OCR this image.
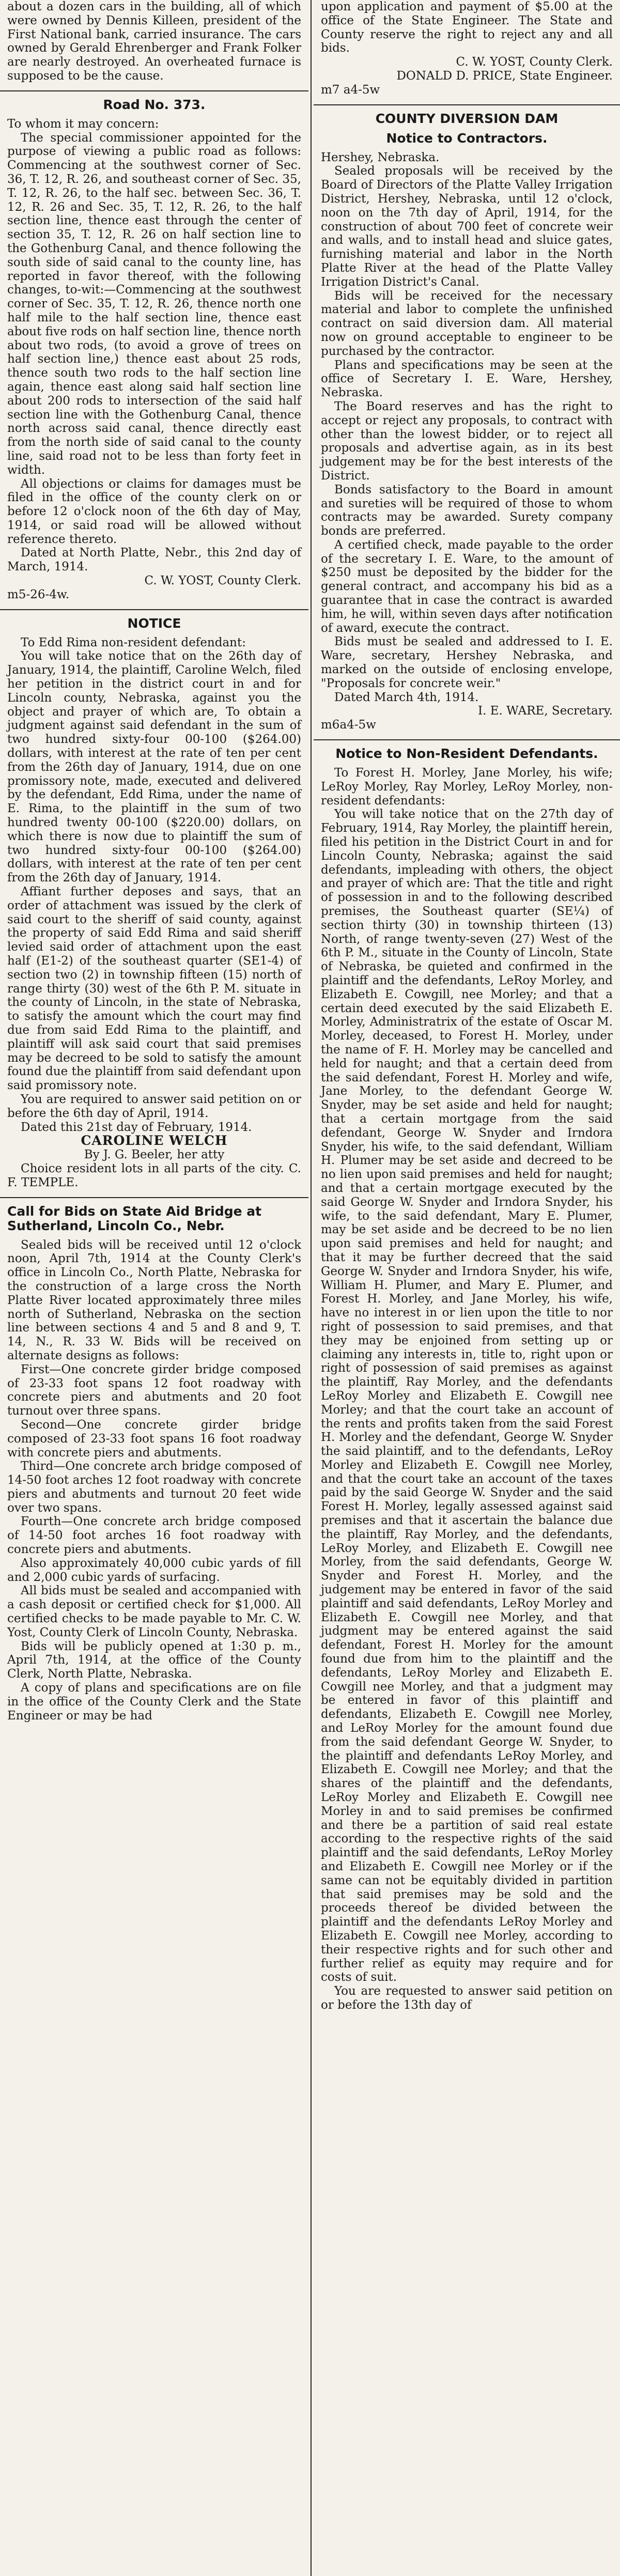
about a dozen cars in the building, all of which were owned by Dennis Killeen, president of the First National bank, carried insurance. The cars owned by Gerald Ehrenberger and Frank Folker are nearly destroyed. An overheated furnace is supposed to be the cause.

Road No. 373.

To whom it may concern:

The special commissioner appointed for the purpose of viewing a public road as follows: Commencing at the southwest corner of Sec. 36, T. 12, R. 26, and southeast corner of Sec. 35, T. 12, R. 26, to the half sec. between Sec. 36, T. 12, R. 26 and Sec. 35, T. 12, R. 26, to the half section line, thence east through the center of section 35, T. 12, R. 26 on half section line to the Gothenburg Canal, and thence following the south side of said canal to the county line, has reported in favor thereof, with the following changes, to-wit:—Commencing at the southwest corner of Sec. 35, T. 12, R. 26, thence north one half mile to the half section line, thence east about five rods on half section line, thence north about two rods, (to avoid a grove of trees on half section line,) thence east about 25 rods, thence south two rods to the half section line again, thence east along said half section line about 200 rods to intersection of the said half section line with the Gothenburg Canal, thence north across said canal, thence directly east from the north side of said canal to the county line, said road not to be less than forty feet in width.

All objections or claims for damages must be filed in the office of the county clerk on or before 12 o'clock noon of the 6th day of May, 1914, or said road will be allowed without reference thereto.

Dated at North Platte, Nebr., this 2nd day of March, 1914.

C. W. YOST, County Clerk.

m5-26-4w.

NOTICE

To Edd Rima non-resident defendant:

You will take notice that on the 26th day of January, 1914, the plaintiff, Caroline Welch, filed her petition in the district court in and for Lincoln county, Nebraska, against you the object and prayer of which are, To obtain a judgment against said defendant in the sum of two hundred sixty-four 00-100 ($264.00) dollars, with interest at the rate of ten per cent from the 26th day of January, 1914, due on one promissory note, made, executed and delivered by the defendant, Edd Rima, under the name of E. Rima, to the plaintiff in the sum of two hundred twenty 00-100 ($220.00) dollars, on which there is now due to plaintiff the sum of two hundred sixty-four 00-100 ($264.00) dollars, with interest at the rate of ten per cent from the 26th day of January, 1914.

Affiant further deposes and says, that an order of attachment was issued by the clerk of said court to the sheriff of said county, against the property of said Edd Rima and said sheriff levied said order of attachment upon the east half (E1-2) of the southeast quarter (SE1-4) of section two (2) in township fifteen (15) north of range thirty (30) west of the 6th P. M. situate in the county of Lincoln, in the state of Nebraska, to satisfy the amount which the court may find due from said Edd Rima to the plaintiff, and plaintiff will ask said court that said premises may be decreed to be sold to satisfy the amount found due the plaintiff from said defendant upon said promissory note.

You are required to answer said petition on or before the 6th day of April, 1914.

Dated this 21st day of February, 1914.

CAROLINE WELCH

By J. G. Beeler, her atty

Choice resident lots in all parts of the city. C. F. TEMPLE.

Call for Bids on State Aid Bridge at Sutherland, Lincoln Co., Nebr.

Sealed bids will be received until 12 o'clock noon, April 7th, 1914 at the County Clerk's office in Lincoln Co., North Platte, Nebraska for the construction of a large cross the North Platte River located approximately three miles north of Sutherland, Nebraska on the section line between sections 4 and 5 and 8 and 9, T. 14, N., R. 33 W. Bids will be received on alternate designs as follows:

First—One concrete girder bridge composed of 23-33 foot spans 12 foot roadway with concrete piers and abutments and 20 foot turnout over three spans.

Second—One concrete girder bridge composed of 23-33 foot spans 16 foot roadway with concrete piers and abutments.

Third—One concrete arch bridge composed of 14-50 foot arches 12 foot roadway with concrete piers and abutments and turnout 20 feet wide over two spans.

Fourth—One concrete arch bridge composed of 14-50 foot arches 16 foot roadway with concrete piers and abutments.

Also approximately 40,000 cubic yards of fill and 2,000 cubic yards of surfacing.

All bids must be sealed and accompanied with a cash deposit or certified check for $1,000. All certified checks to be made payable to Mr. C. W. Yost, County Clerk of Lincoln County, Nebraska.

Bids will be publicly opened at 1:30 p. m., April 7th, 1914, at the office of the County Clerk, North Platte, Nebraska.

A copy of plans and specifications are on file in the office of the County Clerk and the State Engineer or may be had

upon application and payment of $5.00 at the office of the State Engineer. The State and County reserve the right to reject any and all bids.

C. W. YOST, County Clerk.

DONALD D. PRICE, State Engineer.

m7 a4-5w

COUNTY DIVERSION DAM
Notice to Contractors.

Hershey, Nebraska.

Sealed proposals will be received by the Board of Directors of the Platte Valley Irrigation District, Hershey, Nebraska, until 12 o'clock, noon on the 7th day of April, 1914, for the construction of about 700 feet of concrete weir and walls, and to install head and sluice gates, furnishing material and labor in the North Platte River at the head of the Platte Valley Irrigation District's Canal.

Bids will be received for the necessary material and labor to complete the unfinished contract on said diversion dam. All material now on ground acceptable to engineer to be purchased by the contractor.

Plans and specifications may be seen at the office of Secretary I. E. Ware, Hershey, Nebraska.

The Board reserves and has the right to accept or reject any proposals, to contract with other than the lowest bidder, or to reject all proposals and advertise again, as in its best judgement may be for the best interests of the District.

Bonds satisfactory to the Board in amount and sureties will be required of those to whom contracts may be awarded. Surety company bonds are preferred.

A certified check, made payable to the order of the secretary I. E. Ware, to the amount of $250 must be deposited by the bidder for the general contract, and accompany his bid as a guarantee that in case the contract is awarded him, he will, within seven days after notification of award, execute the contract.

Bids must be sealed and addressed to I. E. Ware, secretary, Hershey Nebraska, and marked on the outside of enclosing envelope, "Proposals for concrete weir."

Dated March 4th, 1914.

I. E. WARE, Secretary.

m6a4-5w

Notice to Non-Resident Defendants.

To Forest H. Morley, Jane Morley, his wife; LeRoy Morley, Ray Morley, LeRoy Morley, non-resident defendants:

You will take notice that on the 27th day of February, 1914, Ray Morley, the plaintiff herein, filed his petition in the District Court in and for Lincoln County, Nebraska; against the said defendants, impleading with others, the object and prayer of which are: That the title and right of possession in and to the following described premises, the Southeast quarter (SE¼) of section thirty (30) in township thirteen (13) North, of range twenty-seven (27) West of the 6th P. M., situate in the County of Lincoln, State of Nebraska, be quieted and confirmed in the plaintiff and the defendants, LeRoy Morley, and Elizabeth E. Cowgill, nee Morley; and that a certain deed executed by the said Elizabeth E. Morley, Administratrix of the estate of Oscar M. Morley, deceased, to Forest H. Morley, under the name of F. H. Morley may be cancelled and held for naught; and that a certain deed from the said defendant, Forest H. Morley and wife, Jane Morley, to the defendant George W. Snyder, may be set aside and held for naught; that a certain mortgage from the said defendant, George W. Snyder and Irndora Snyder, his wife, to the said defendant, William H. Plumer may be set aside and decreed to be no lien upon said premises and held for naught; and that a certain mortgage executed by the said George W. Snyder and Irndora Snyder, his wife, to the said defendant, Mary E. Plumer, may be set aside and be decreed to be no lien upon said premises and held for naught; and that it may be further decreed that the said George W. Snyder and Irndora Snyder, his wife, William H. Plumer, and Mary E. Plumer, and Forest H. Morley, and Jane Morley, his wife, have no interest in or lien upon the title to nor right of possession to said premises, and that they may be enjoined from setting up or claiming any interests in, title to, right upon or right of possession of said premises as against the plaintiff, Ray Morley, and the defendants LeRoy Morley and Elizabeth E. Cowgill nee Morley; and that the court take an account of the rents and profits taken from the said Forest H. Morley and the defendant, George W. Snyder the said plaintiff, and to the defendants, LeRoy Morley and Elizabeth E. Cowgill nee Morley, and that the court take an account of the taxes paid by the said George W. Snyder and the said Forest H. Morley, legally assessed against said premises and that it ascertain the balance due the plaintiff, Ray Morley, and the defendants, LeRoy Morley, and Elizabeth E. Cowgill nee Morley, from the said defendants, George W. Snyder and Forest H. Morley, and the judgement may be entered in favor of the said plaintiff and said defendants, LeRoy Morley and Elizabeth E. Cowgill nee Morley, and that judgment may be entered against the said defendant, Forest H. Morley for the amount found due from him to the plaintiff and the defendants, LeRoy Morley and Elizabeth E. Cowgill nee Morley, and that a judgment may be entered in favor of this plaintiff and defendants, Elizabeth E. Cowgill nee Morley, and LeRoy Morley for the amount found due from the said defendant George W. Snyder, to the plaintiff and defendants LeRoy Morley, and Elizabeth E. Cowgill nee Morley; and that the shares of the plaintiff and the defendants, LeRoy Morley and Elizabeth E. Cowgill nee Morley in and to said premises be confirmed and there be a partition of said real estate according to the respective rights of the said plaintiff and the said defendants, LeRoy Morley and Elizabeth E. Cowgill nee Morley or if the same can not be equitably divided in partition that said premises may be sold and the proceeds thereof be divided between the plaintiff and the defendants LeRoy Morley and Elizabeth E. Cowgill nee Morley, according to their respective rights and for such other and further relief as equity may require and for costs of suit.

You are requested to answer said petition on or before the 13th day of
